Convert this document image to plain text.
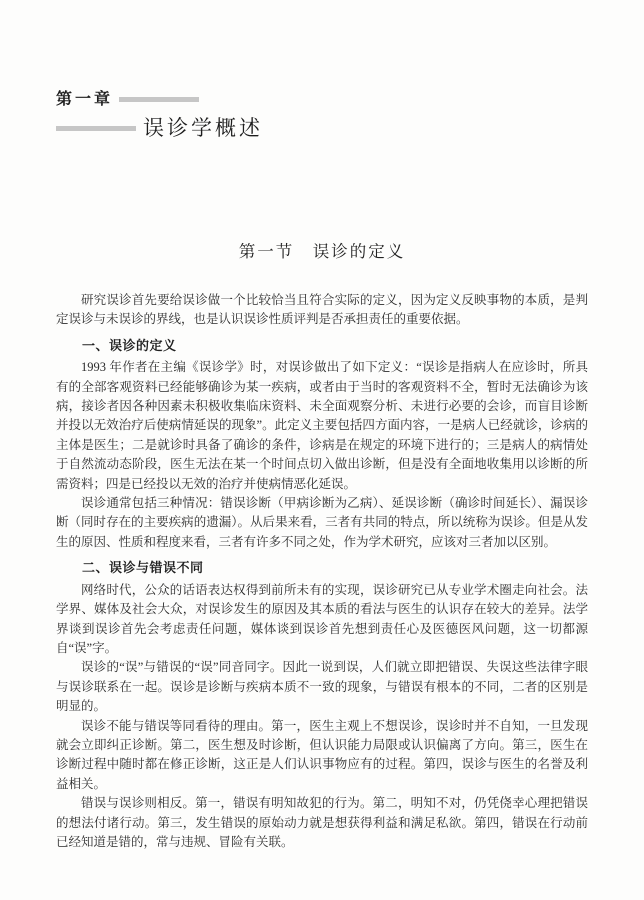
第一章
误诊学概述
第一节　误诊的定义

研究误诊首先要给误诊做一个比较恰当且符合实际的定义，因为定义反映事物的本质，是判定误诊与未误诊的界线，也是认识误诊性质评判是否承担责任的重要依据。

一、误诊的定义

1993 年作者在主编《误诊学》时，对误诊做出了如下定义：“误诊是指病人在应诊时，所具有的全部客观资料已经能够确诊为某一疾病，或者由于当时的客观资料不全，暂时无法确诊为该病，接诊者因各种因素未积极收集临床资料、未全面观察分析、未进行必要的会诊，而盲目诊断并投以无效治疗后使病情延误的现象”。此定义主要包括四方面内容，一是病人已经就诊，诊病的主体是医生；二是就诊时具备了确诊的条件，诊病是在规定的环境下进行的；三是病人的病情处于自然流动态阶段，医生无法在某一个时间点切入做出诊断，但是没有全面地收集用以诊断的所需资料；四是已经投以无效的治疗并使病情恶化延误。

误诊通常包括三种情况：错误诊断（甲病诊断为乙病）、延误诊断（确诊时间延长）、漏误诊断（同时存在的主要疾病的遗漏）。从后果来看，三者有共同的特点，所以统称为误诊。但是从发生的原因、性质和程度来看，三者有许多不同之处，作为学术研究，应该对三者加以区别。

二、误诊与错误不同

网络时代，公众的话语表达权得到前所未有的实现，误诊研究已从专业学术圈走向社会。法学界、媒体及社会大众，对误诊发生的原因及其本质的看法与医生的认识存在较大的差异。法学界谈到误诊首先会考虑责任问题，媒体谈到误诊首先想到责任心及医德医风问题，这一切都源自“误”字。

误诊的“误”与错误的“误”同音同字。因此一说到误，人们就立即把错误、失误这些法律字眼与误诊联系在一起。误诊是诊断与疾病本质不一致的现象，与错误有根本的不同，二者的区别是明显的。

误诊不能与错误等同看待的理由。第一，医生主观上不想误诊，误诊时并不自知，一旦发现就会立即纠正诊断。第二，医生想及时诊断，但认识能力局限或认识偏离了方向。第三，医生在诊断过程中随时都在修正诊断，这正是人们认识事物应有的过程。第四，误诊与医生的名誉及利益相关。

错误与误诊则相反。第一，错误有明知故犯的行为。第二，明知不对，仍凭侥幸心理把错误的想法付诸行动。第三，发生错误的原始动力就是想获得利益和满足私欲。第四，错误在行动前已经知道是错的，常与违规、冒险有关联。
